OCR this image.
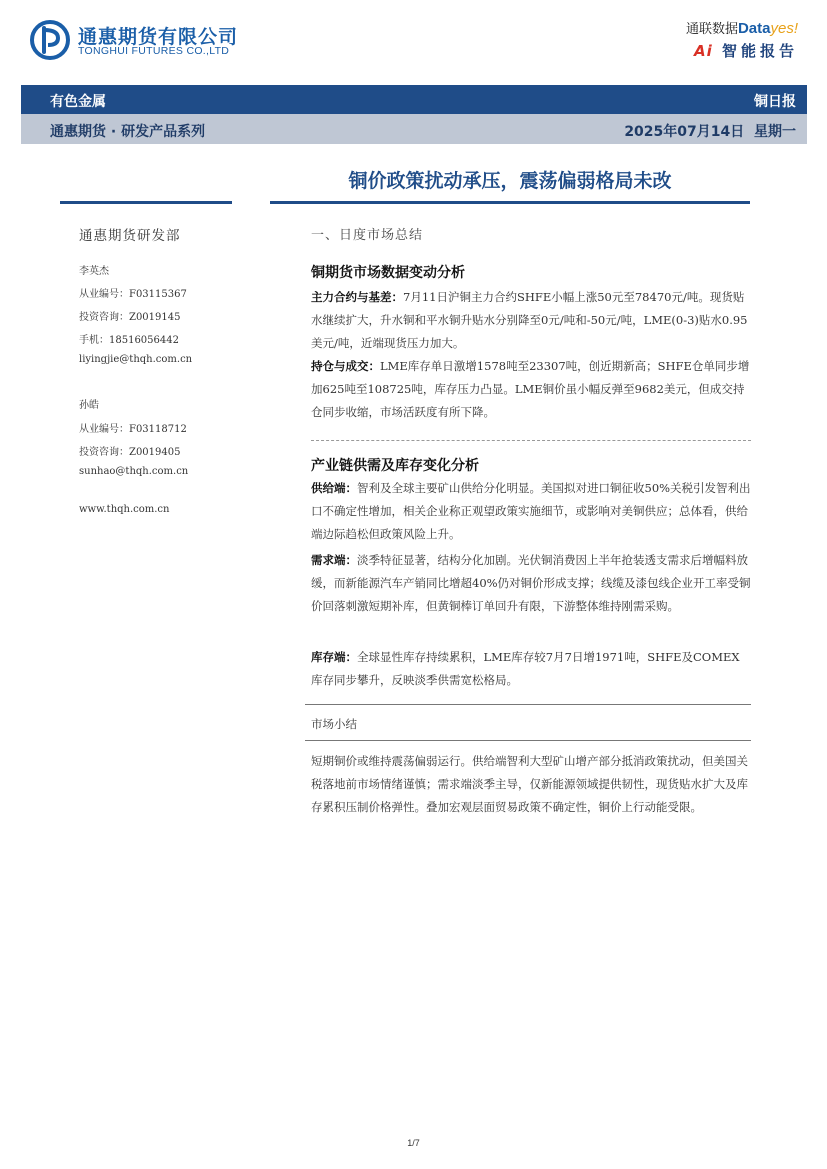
通惠期货有限公司
TONGHUI FUTURES CO.,LTD
通联数据Datayes!
Ai 智能报告
有色金属	铜日报
通惠期货 · 研发产品系列	2025年07月14日  星期一
铜价政策扰动承压，震荡偏弱格局未改
通惠期货研发部
李英杰
从业编号：F03115367
投资咨询：Z0019145
手机：18516056442
liyingjie@thqh.com.cn
孙皓
从业编号：F03118712
投资咨询：Z0019405
sunhao@thqh.com.cn
www.thqh.com.cn
一、日度市场总结
铜期货市场数据变动分析
主力合约与基差：7月11日沪铜主力合约SHFE小幅上涨50元至78470元/吨。现货贴水继续扩大，升水铜和平水铜升贴水分别降至0元/吨和-50元/吨，LME(0-3)贴水0.95美元/吨，近端现货压力加大。
持仓与成交：LME库存单日激增1578吨至23307吨，创近期新高；SHFE仓单同步增加625吨至108725吨，库存压力凸显。LME铜价虽小幅反弹至9682美元，但成交持仓同步收缩，市场活跃度有所下降。
产业链供需及库存变化分析
供给端：智利及全球主要矿山供给分化明显。美国拟对进口铜征收50%关税引发智利出口不确定性增加，相关企业称正观望政策实施细节，或影响对美铜供应；总体看，供给端边际趋松但政策风险上升。
需求端：淡季特征显著，结构分化加剧。光伏铜消费因上半年抢装透支需求后增幅料放缓，而新能源汽车产销同比增超40%仍对铜价形成支撑；线缆及漆包线企业开工率受铜价回落刺激短期补库，但黄铜棒订单回升有限，下游整体维持刚需采购。
库存端：全球显性库存持续累积，LME库存较7月7日增1971吨，SHFE及COMEX库存同步攀升，反映淡季供需宽松格局。
市场小结
短期铜价或维持震荡偏弱运行。供给端智利大型矿山增产部分抵消政策扰动，但美国关税落地前市场情绪谨慎；需求端淡季主导，仅新能源领域提供韧性，现货贴水扩大及库存累积压制价格弹性。叠加宏观层面贸易政策不确定性，铜价上行动能受限。
1/7
